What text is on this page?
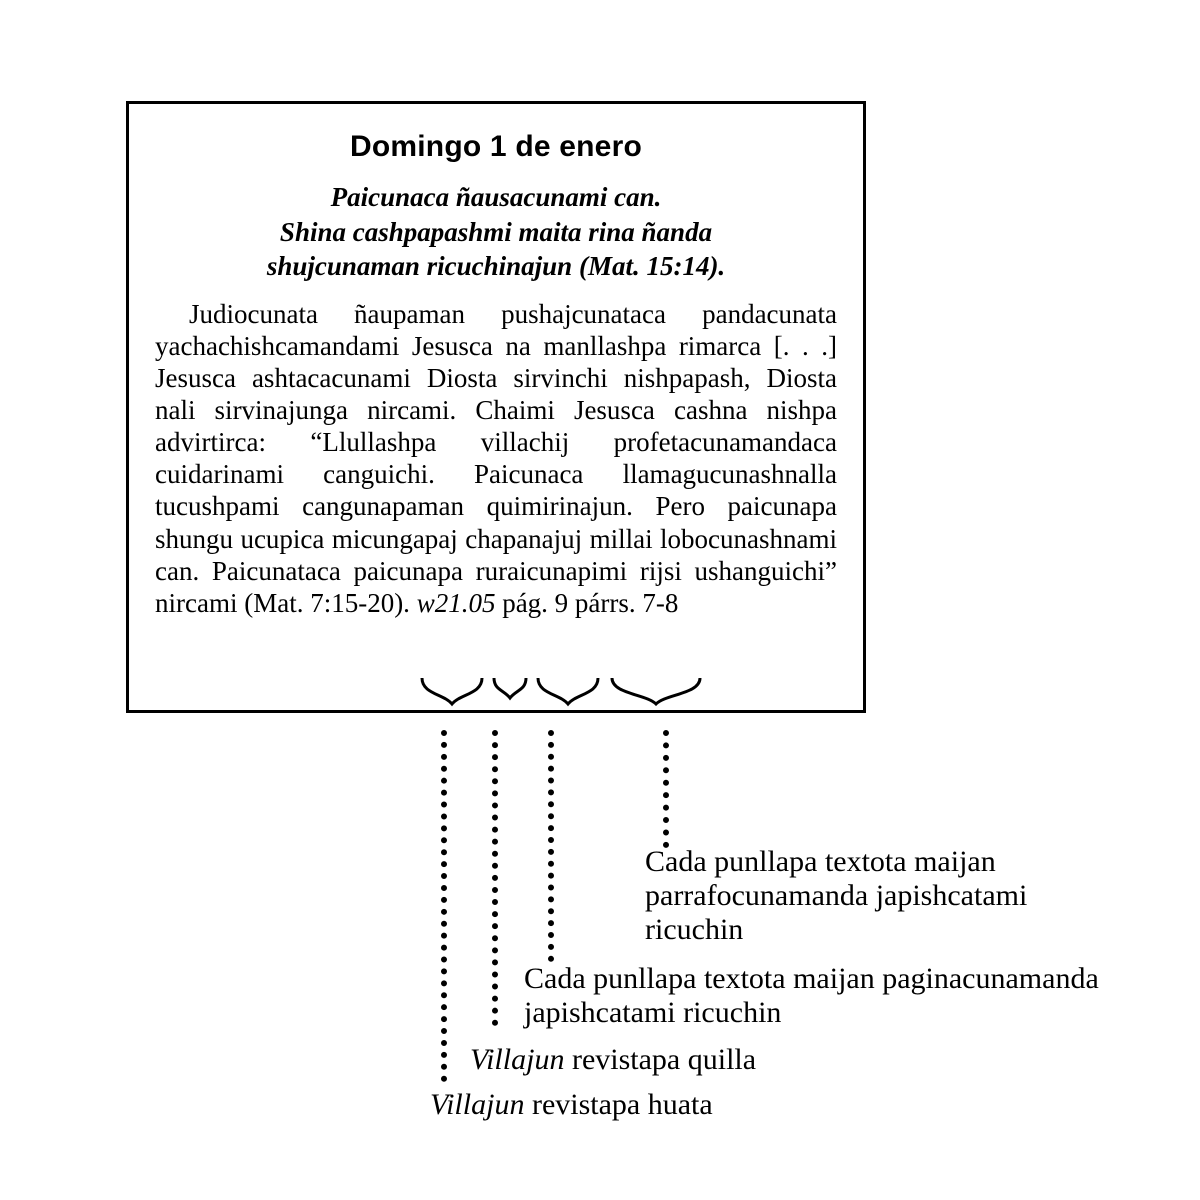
Domingo 1 de enero
Paicunaca ñausacunami can.
Shina cashpapashmi maita rina ñanda
shujcunaman ricuchinajun (Mat. 15:14).

Judiocunata ñaupaman pushajcunataca pandacunata yachachishcamandami Jesusca na manllashpa rimarca [. . .] Jesusca ashtacacunami Diosta sirvinchi nishpapash, Diosta nali sirvinajunga nircami. Chaimi Jesusca cashna nishpa advirtirca: “Llullashpa villachij profetacunamandaca cuidarinami canguichi. Paicunaca llamagucunashnalla tucushpami cangunapaman quimirinajun. Pero paicunapa shungu ucupica micungapaj chapanajuj millai lobocunashnami can. Paicunataca paicunapa ruraicunapimi rijsi ushanguichi” nircami (Mat. 7:15-20). w21.05 pág. 9 párrs. 7-8

Cada punllapa textota maijan parrafocunamanda japishcatami ricuchin
Cada punllapa textota maijan paginacunamanda japishcatami ricuchin
Villajun revistapa quilla
Villajun revistapa huata
